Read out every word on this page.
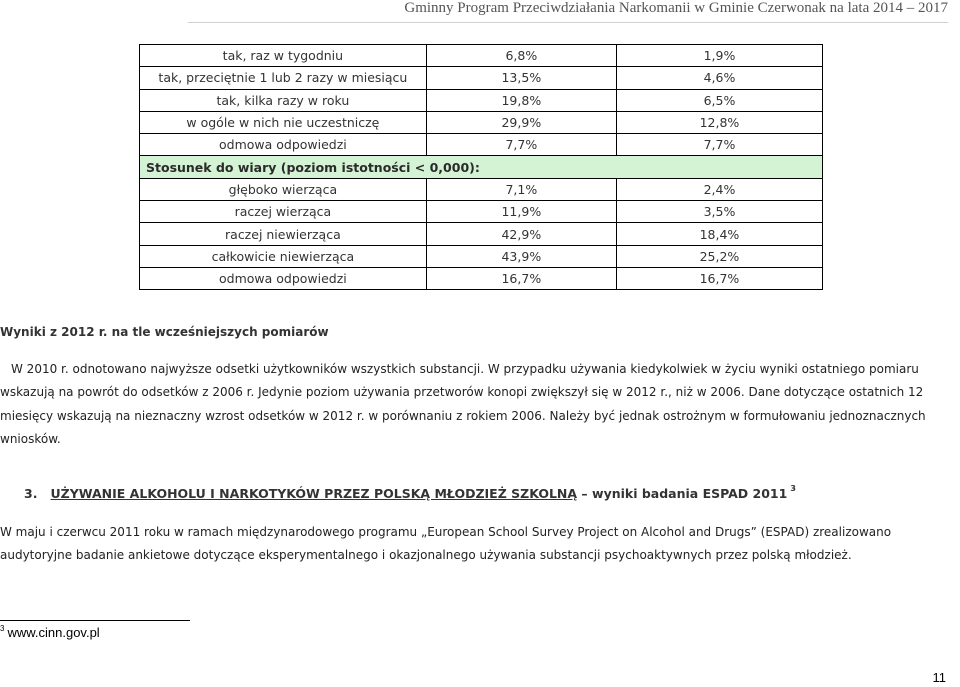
Gminny Program Przeciwdziałania Narkomanii w Gminie Czerwonak na lata 2014 – 2017
tak, raz w tygodniu	6,8%	1,9%
tak, przeciętnie 1 lub 2 razy w miesiącu	13,5%	4,6%
tak, kilka razy w roku	19,8%	6,5%
w ogóle w nich nie uczestniczę	29,9%	12,8%
odmowa odpowiedzi	7,7%	7,7%
Stosunek do wiary (poziom istotności < 0,000):		
głęboko wierząca	7,1%	2,4%
raczej wierząca	11,9%	3,5%
raczej niewierząca	42,9%	18,4%
całkowicie niewierząca	43,9%	25,2%
odmowa odpowiedzi	16,7%	16,7%
Wyniki z 2012 r. na tle wcześniejszych pomiarów
W 2010 r. odnotowano najwyższe odsetki użytkowników wszystkich substancji. W przypadku używania kiedykolwiek w życiu wyniki ostatniego pomiaru
wskazują na powrót do odsetków z 2006 r. Jedynie poziom używania przetworów konopi zwiększył się w 2012 r., niż w 2006. Dane dotyczące ostatnich 12
miesięcy wskazują na nieznaczny wzrost odsetków w 2012 r. w porównaniu z rokiem 2006. Należy być jednak ostrożnym w formułowaniu jednoznacznych
wniosków.
3. UŻYWANIE ALKOHOLU I NARKOTYKÓW PRZEZ POLSKĄ MŁODZIEŻ SZKOLNĄ – wyniki badania ESPAD 2011 $^3$
W maju i czerwcu 2011 roku w ramach międzynarodowego programu „European School Survey Project on Alcohol and Drugs” (ESPAD) zrealizowano
audytoryjne badanie ankietowe dotyczące eksperymentalnego i okazjonalnego używania substancji psychoaktywnych przez polską młodzież.
$^3$ www.cinn.gov.pl
11
